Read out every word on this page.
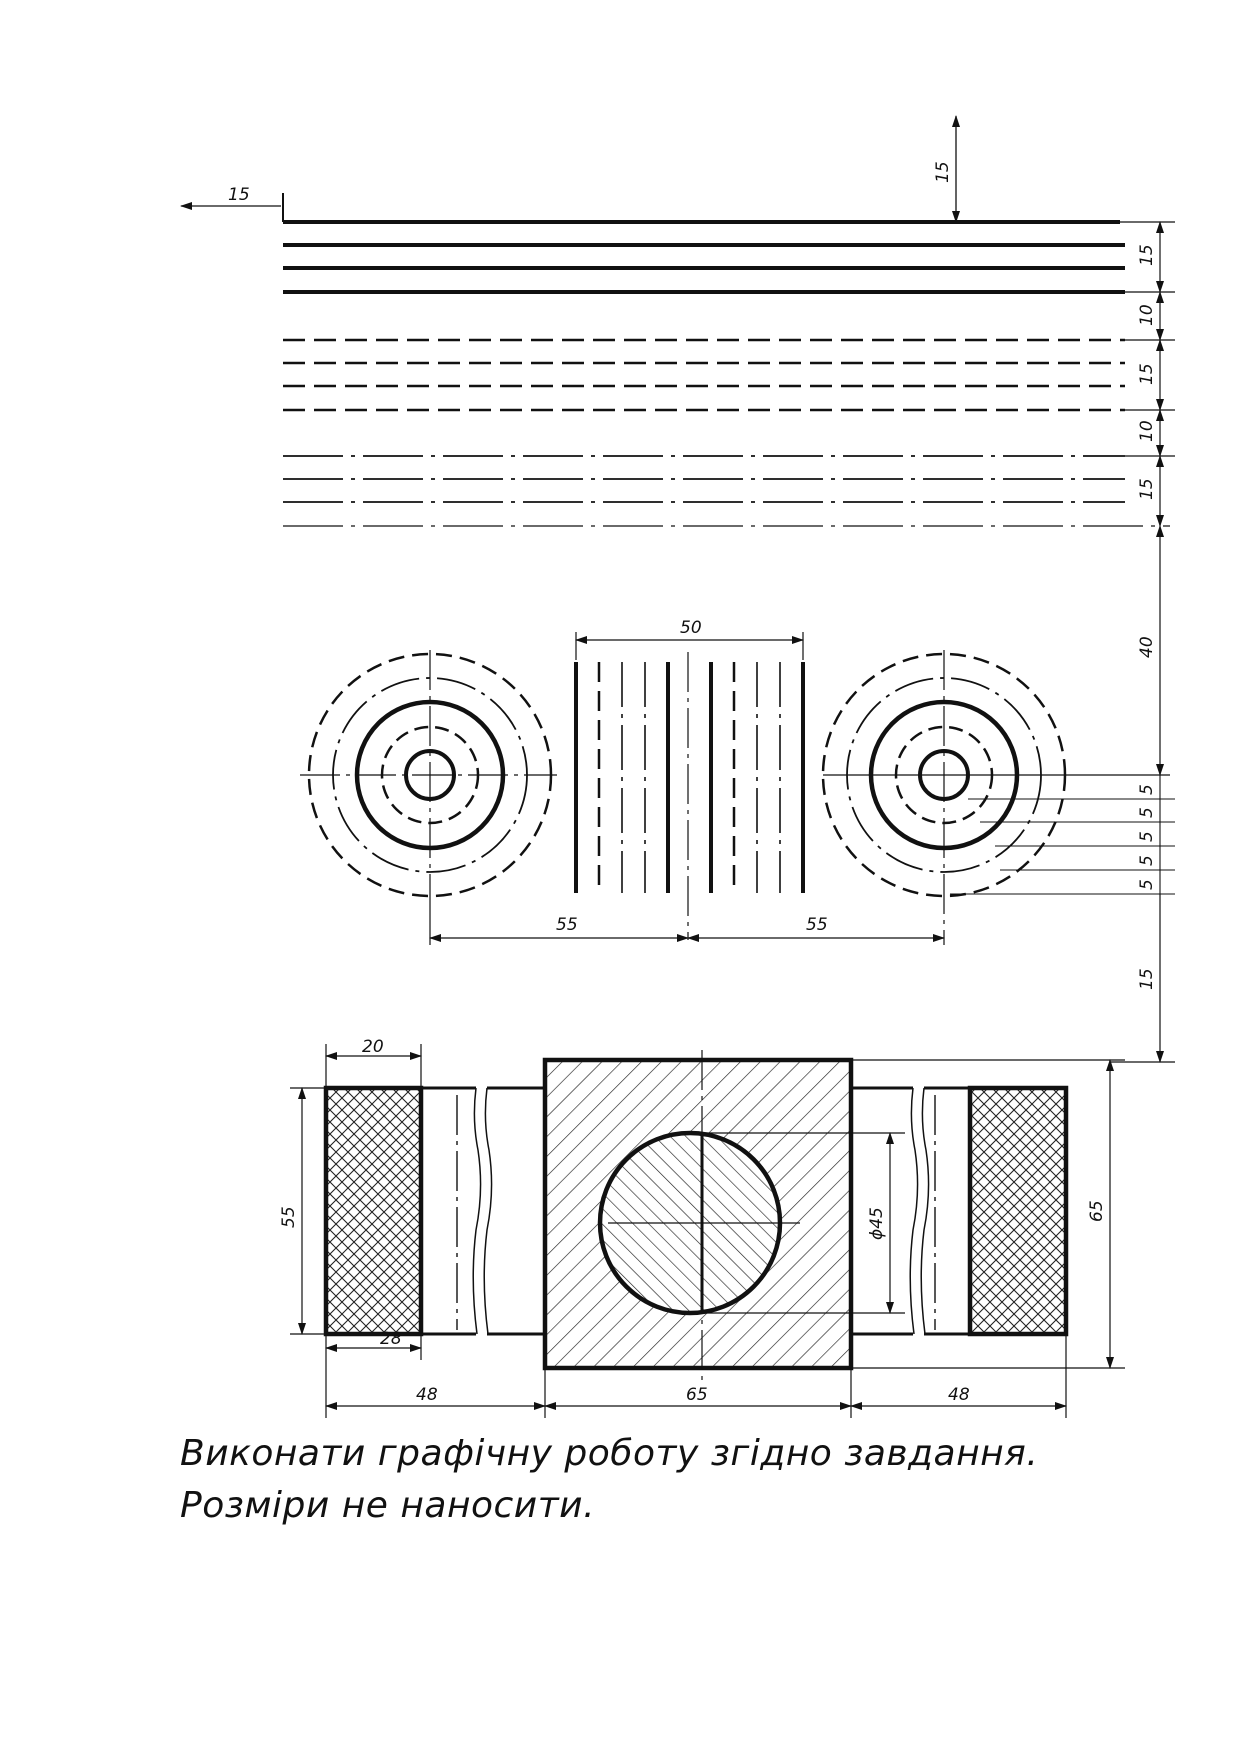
15
15
15
10
15
10
15
40
50
5
5
5
5
5
55	55
15
20
55
28
48	65	48
ϕ45	65

Виконати графічну роботу згідно завдання. Розміри не наносити.
